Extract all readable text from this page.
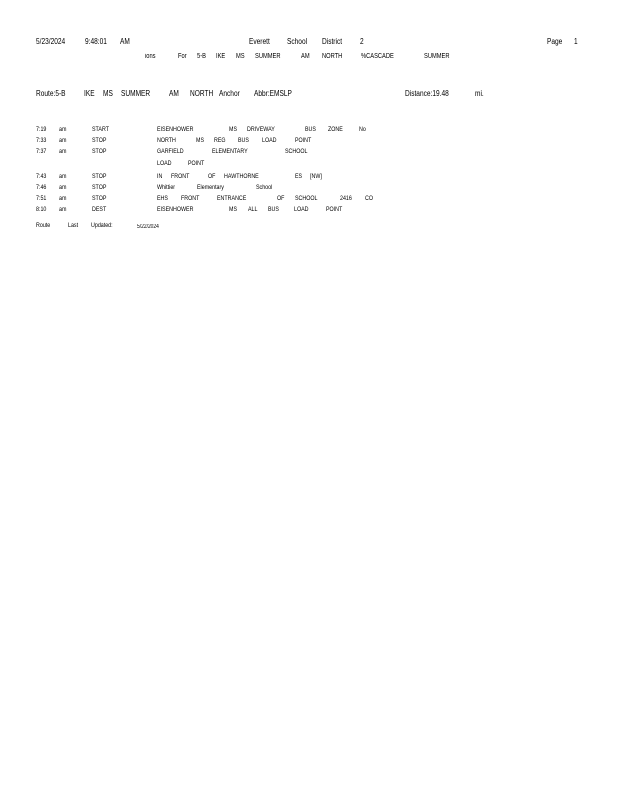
5/23/2024 9:48:01 AM	Everett School District 2	Page 1
ions	For 5-B IKE MS SUMMER	AM NORTH	%CASCADE	SUMMER
Route:5-B IKE MS SUMMER AM NORTH Anchor Abbr:EMSLP	Distance:19.48	mi.
7:19 am	START	EISENHOWER	MS DRIVEWAY	BUS ZONE No
7:33 am	STOP	NORTH	MS REG BUS LOAD	POINT
7:37 am	STOP	GARFIELD	ELEMENTARY	SCHOOL
LOAD	POINT
7:43 am	STOP	IN FRONT	OF HAWTHORNE	ES [NW]
7:46 am	STOP	Whittier	Elementary	School
7:51 am	STOP	EHS FRONT	ENTRANCE	OF SCHOOL	2416 CO
8:10 am	DEST	EISENHOWER	MS ALL BUS LOAD	POINT
Route	Last Updated:	5/22/2024
